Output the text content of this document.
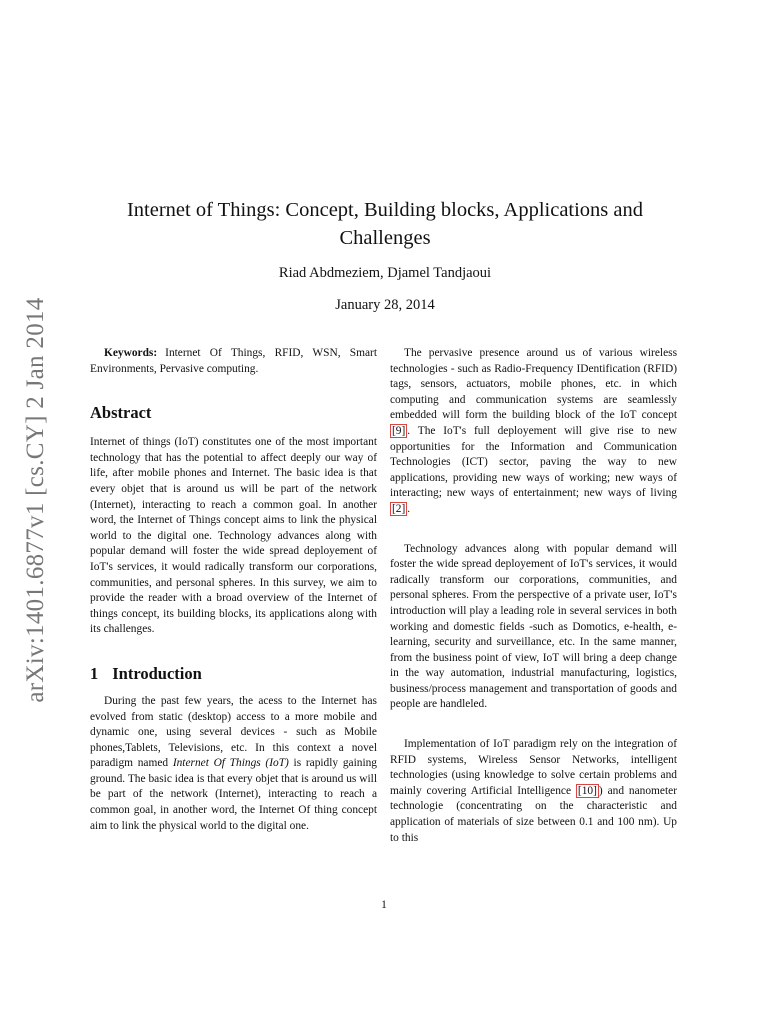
arXiv:1401.6877v1 [cs.CY] 2 Jan 2014
Internet of Things: Concept, Building blocks, Applications and Challenges
Riad Abdmeziem, Djamel Tandjaoui
January 28, 2014

Keywords: Internet Of Things, RFID, WSN, Smart Environments, Pervasive computing.

Abstract

Internet of things (IoT) constitutes one of the most important technology that has the potential to affect deeply our way of life, after mobile phones and Internet. The basic idea is that every objet that is around us will be part of the network (Internet), interacting to reach a common goal. In another word, the Internet of Things concept aims to link the physical world to the digital one. Technology advances along with popular demand will foster the wide spread deployement of IoT's services, it would radically transform our corporations, communities, and personal spheres. In this survey, we aim to provide the reader with a broad overview of the Internet of things concept, its building blocks, its applications along with its challenges.

1 Introduction

During the past few years, the acess to the Internet has evolved from static (desktop) access to a more mobile and dynamic one, using several devices - such as Mobile phones,Tablets, Televisions, etc. In this context a novel paradigm named Internet Of Things (IoT) is rapidly gaining ground. The basic idea is that every objet that is around us will be part of the network (Internet), interacting to reach a common goal, in another word, the Internet Of thing concept aim to link the physical world to the digital one.

The pervasive presence around us of various wireless technologies - such as Radio-Frequency IDentification (RFID) tags, sensors, actuators, mobile phones, etc. in which computing and communication systems are seamlessly embedded will form the building block of the IoT concept [9] . The IoT's full deployement will give rise to new opportunities for the Information and Communication Technologies (ICT) sector, paving the way to new applications, providing new ways of working; new ways of interacting; new ways of entertainment; new ways of living [2] .

Technology advances along with popular demand will foster the wide spread deployement of IoT's services, it would radically transform our corporations, communities, and personal spheres. From the perspective of a private user, IoT's introduction will play a leading role in several services in both working and domestic fields -such as Domotics, e-health, e-learning, security and surveillance, etc. In the same manner, from the business point of view, IoT will bring a deep change in the way automation, industrial manufacturing, logistics, business/process management and transportation of goods and people are handleled.

Implementation of IoT paradigm rely on the integration of RFID systems, Wireless Sensor Networks, intelligent technologies (using knowledge to solve certain problems and mainly covering Artificial Intelligence [10] ) and nanometer technologie (concentrating on the characteristic and application of materials of size between 0.1 and 100 nm). Up to this

1
